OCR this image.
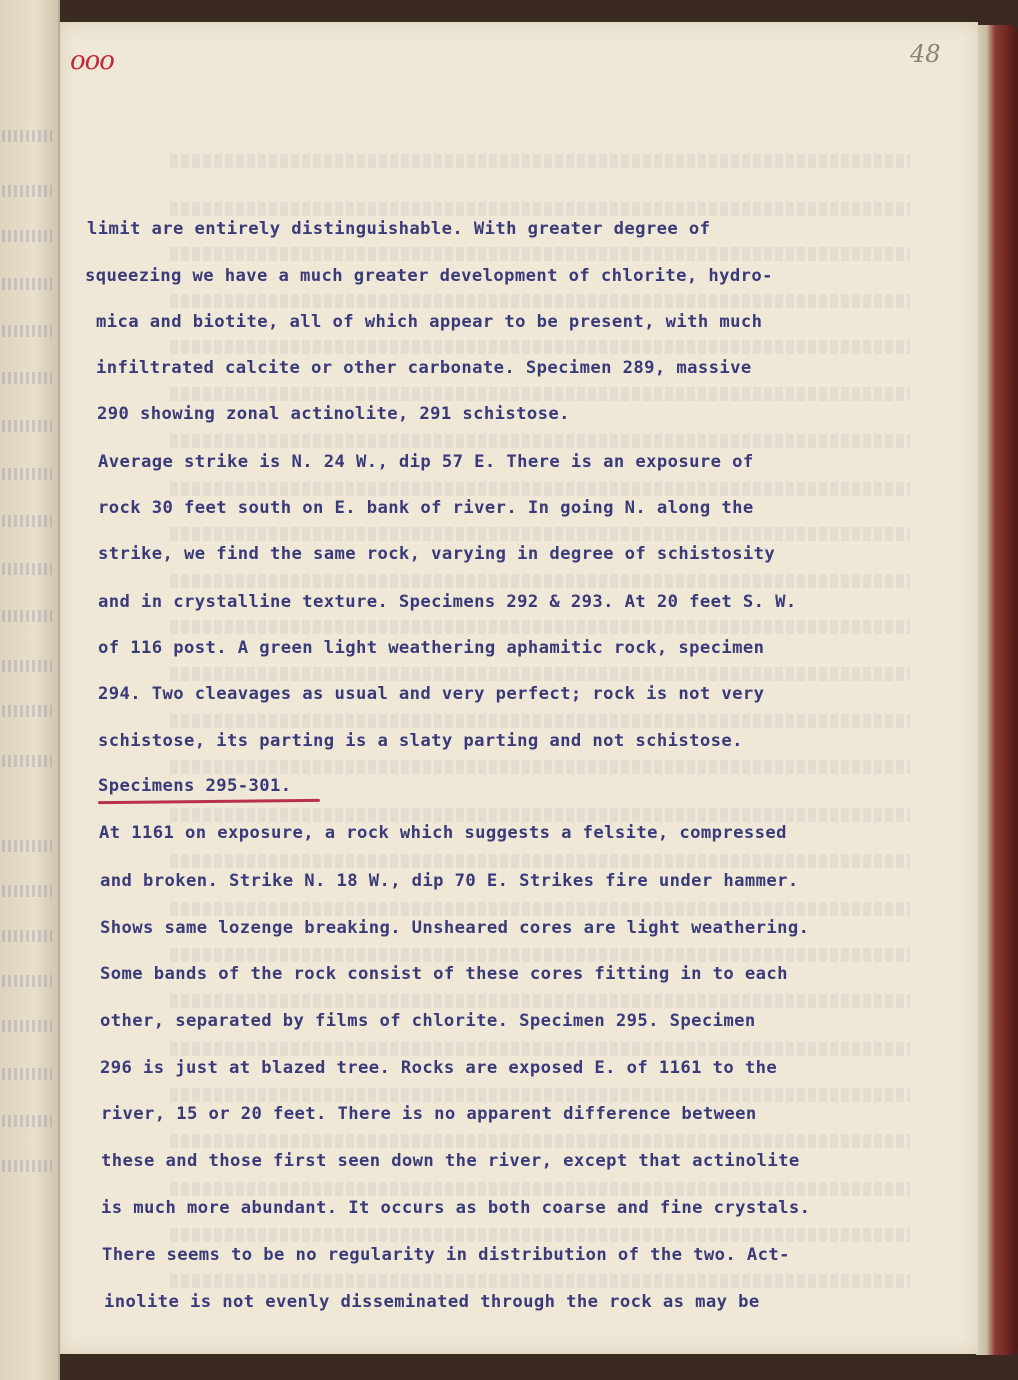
ooo	48
limit are entirely distinguishable. With greater degree of
squeezing we have a much greater development of chlorite, hydro-
mica and biotite, all of which appear to be present, with much
infiltrated calcite or other carbonate. Specimen 289, massive
290 showing zonal actinolite, 291 schistose.
Average strike is N. 24 W., dip 57 E. There is an exposure of
rock 30 feet south on E. bank of river. In going N. along the
strike, we find the same rock, varying in degree of schistosity
and in crystalline texture. Specimens 292 & 293. At 20 feet S. W.
of 116 post. A green light weathering aphamitic rock, specimen
294. Two cleavages as usual and very perfect; rock is not very
schistose, its parting is a slaty parting and not schistose.
Specimens 295-301.
At 1161 on exposure, a rock which suggests a felsite, compressed
and broken. Strike N. 18 W., dip 70 E. Strikes fire under hammer.
Shows same lozenge breaking. Unsheared cores are light weathering.
Some bands of the rock consist of these cores fitting in to each
other, separated by films of chlorite. Specimen 295. Specimen
296 is just at blazed tree. Rocks are exposed E. of 1161 to the
river, 15 or 20 feet. There is no apparent difference between
these and those first seen down the river, except that actinolite
is much more abundant. It occurs as both coarse and fine crystals.
There seems to be no regularity in distribution of the two. Act-
inolite is not evenly disseminated through the rock as may be
